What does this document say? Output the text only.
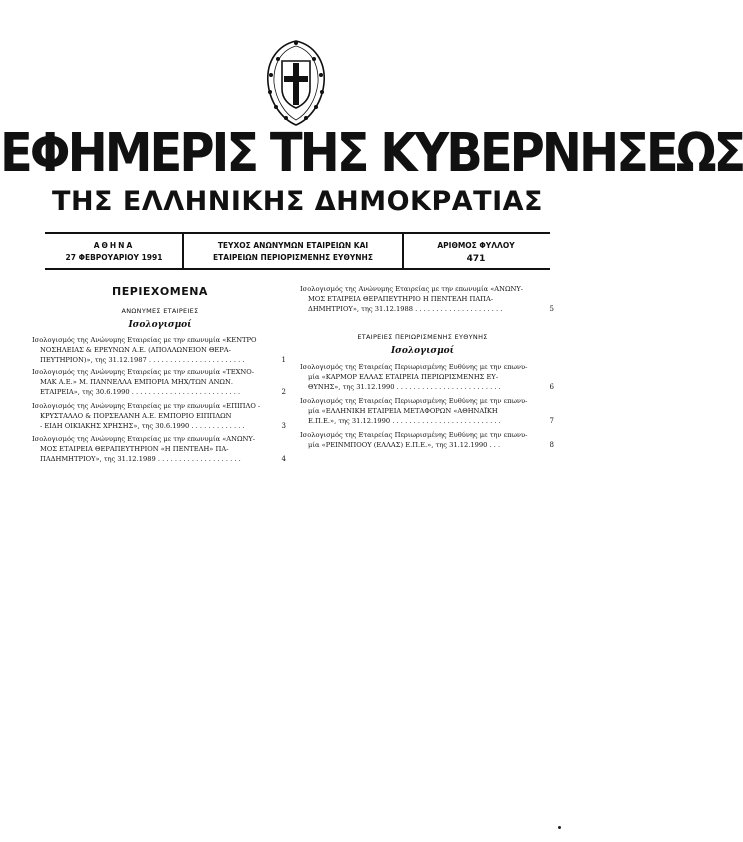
ΕΦΗΜΕΡΙΣ ΤΗΣ ΚΥΒΕΡΝΗΣΕΩΣ
ΤΗΣ ΕΛΛΗΝΙΚΗΣ ΔΗΜΟΚΡΑΤΙΑΣ
ΑΘΗΝΑ
27 ΦΕΒΡΟΥΑΡΙΟΥ 1991
ΤΕΥΧΟΣ ΑΝΩΝΥΜΩΝ ΕΤΑΙΡΕΙΩΝ ΚΑΙ
ΕΤΑΙΡΕΙΩΝ ΠΕΡΙΟΡΙΣΜΕΝΗΣ ΕΥΘΥΝΗΣ
ΑΡΙΘΜΟΣ ΦΥΛΛΟΥ
471
ΠΕΡΙΕΧΟΜΕΝΑ
ΑΝΩΝΥΜΕΣ ΕΤΑΙΡΕΙΕΣ
Ισολογισμοί
Ισολογισμός της Ανώνυμης Εταιρείας με την επωνυμία «ΚΕΝΤΡΟ
ΝΟΣΗΛΕΙΑΣ & ΕΡΕΥΝΩΝ Α.Ε. (ΑΠΟΛΛΩΝΕΙΟΝ ΘΕΡΑ-
ΠΕΥΤΗΡΙΟΝ)», της 31.12.1987 . . . . . . . . . . . . . . . . . . . . . . .	1
Ισολογισμός της Ανώνυμης Εταιρείας με την επωνυμία «ΤΕΧΝΟ-
ΜΑΚ Α.Ε.» Μ. ΠΑΝΝΕΛΛΑ ΕΜΠΟΡΙΑ ΜΗΧ/ΤΩΝ ΑΝΩΝ.
ΕΤΑΙΡΕΙΑ», της 30.6.1990 . . . . . . . . . . . . . . . . . . . . . . . . . .	2
Ισολογισμός της Ανώνυμης Εταιρείας με την επωνυμία «ΕΠΙΠΛΟ -
ΚΡΥΣΤΑΛΛΟ & ΠΟΡΣΕΛΑΝΗ Α.Ε. ΕΜΠΟΡΙΟ ΕΙΠΠΛΩΝ
- ΕΙΔΗ ΟΙΚΙΑΚΗΣ ΧΡΗΣΗΣ», της 30.6.1990 . . . . . . . . . . . . .	3
Ισολογισμός της Ανώνυμης Εταιρείας με την επωνυμία «ΑΝΩΝΥ-
ΜΟΣ ΕΤΑΙΡΕΙΑ ΘΕΡΑΠΕΥΤΗΡΙΟΝ «Η ΠΕΝΤΕΛΗ» ΠΑ-
ΠΑΔΗΜΗΤΡΙΟΥ», της 31.12.1989 . . . . . . . . . . . . . . . . . . . .	4
Ισολογισμός της Ανώνυμης Εταιρείας με την επωνυμία «ΑΝΩΝΥ-
ΜΟΣ ΕΤΑΙΡΕΙΑ ΘΕΡΑΠΕΥΤΗΡΙΟ Η ΠΕΝΤΕΛΗ ΠΑΠΑ-
ΔΗΜΗΤΡΙΟΥ», της 31.12.1988 . . . . . . . . . . . . . . . . . . . . .	5
ΕΤΑΙΡΕΙΕΣ ΠΕΡΙΩΡΙΣΜΕΝΗΣ ΕΥΘΥΝΗΣ
Ισολογισμοί
Ισολογισμός της Εταιρείας Περιωρισμένης Ευθύνης με την επωνυ-
μία «ΚΑΡΜΟΡ ΕΛΛΑΣ ΕΤΑΙΡΕΙΑ ΠΕΡΙΩΡΙΣΜΕΝΗΣ ΕΥ-
ΘΥΝΗΣ», της 31.12.1990 . . . . . . . . . . . . . . . . . . . . . . . . .	6
Ισολογισμός της Εταιρείας Περιωρισμένης Ευθύνης με την επωνυ-
μία «ΕΛΛΗΝΙΚΗ ΕΤΑΙΡΕΙΑ ΜΕΤΑΦΟΡΩΝ «ΑΘΗΝΑΪΚΗ
Ε.Π.Ε.», της 31.12.1990 . . . . . . . . . . . . . . . . . . . . . . . . . .	7
Ισολογισμός της Εταιρείας Περιωρισμένης Ευθύνης με την επωνυ-
μία «ΡΕΙΝΜΠΟΟΥ (ΕΛΛΑΣ) Ε.Π.Ε.», της 31.12.1990 . . .	8
